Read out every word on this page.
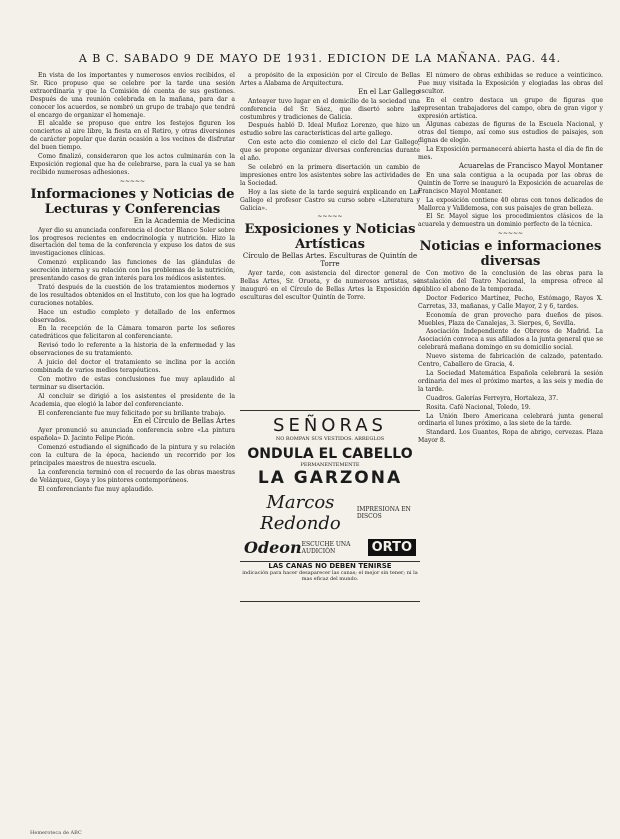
A B C. SABADO 9 DE MAYO DE 1931. EDICION DE LA MAÑANA. PAG. 44.

En vista de los importantes y numerosos envíos recibidos, el Sr. Rico propuso que se celebre por la tarde una sesión extraordinaria y que la Comisión dé cuenta de sus gestiones. Después de una reunión celebrada en la mañana, para dar a conocer los acuerdos, se nombró un grupo de trabajo que tendrá el encargo de organizar el homenaje.

El alcalde se propuso que entre los festejos figuren los conciertos al aire libre, la fiesta en el Retiro, y otras diversiones de carácter popular que darán ocasión a los vecinos de disfrutar del buen tiempo.

Como finalizó, consideraron que los actos culminarán con la Exposición regional que ha de celebrarse, para la cual ya se han recibido numerosas adhesiones.

~~~~~

Informaciones y Noticias de Lecturas y Conferencias

En la Academia de Medicina

Ayer dio su anunciada conferencia el doctor Blanco Soler sobre los progresos recientes en endocrinología y nutrición. Hizo la disertación del tema de la conferencia y expuso los datos de sus investigaciones clínicas.

Comenzó explicando las funciones de las glándulas de secreción interna y su relación con los problemas de la nutrición, presentando casos de gran interés para los médicos asistentes.

Trató después de la cuestión de los tratamientos modernos y de los resultados obtenidos en el Instituto, con los que ha logrado curaciones notables.

Hace un estudio completo y detallado de los enfermos observados.

En la recepción de la Cámara tomaron parte los señores catedráticos que felicitaron al conferenciante.

Revisó todo lo referente a la historia de la enfermedad y las observaciones de su tratamiento.

A juicio del doctor el tratamiento se inclina por la acción combinada de varios medios terapéuticos.

Con motivo de estas conclusiones fue muy aplaudido al terminar su disertación.

Al concluir se dirigió a los asistentes el presidente de la Academia, que elogió la labor del conferenciante.

El conferenciante fue muy felicitado por su brillante trabajo.

En el Círculo de Bellas Artes

Ayer pronunció su anunciada conferencia sobre «La pintura española» D. Jacinto Felipe Picón.

Comenzó estudiando el significado de la pintura y su relación con la cultura de la época, haciendo un recorrido por los principales maestros de nuestra escuela.

La conferencia terminó con el recuerdo de las obras maestras de Velázquez, Goya y los pintores contemporáneos.

El conferenciante fue muy aplaudido.

a propósito de la exposición por el Círculo de Bellas Artes a Alabama de Arquitectura.

En el Lar Gallego

Anteayer tuvo lugar en el domicilio de la sociedad una conferencia del Sr. Sáez, que disertó sobre las costumbres y tradiciones de Galicia.

Después habló D. Ideal Muñoz Lorenzo, que hizo un estudio sobre las características del arte gallego.

Con este acto dio comienzo el ciclo del Lar Gallego, que se propone organizar diversas conferencias durante el año.

Se celebró en la primera disertación un cambio de impresiones entre los asistentes sobre las actividades de la Sociedad.

Hoy a las siete de la tarde seguirá explicando en Lar Gallego el profesor Castro su curso sobre «Literatura y Galicia».

~~~~~

Exposiciones y Noticias Artísticas

Círculo de Bellas Artes. Esculturas de Quintín de Torre

Ayer tarde, con asistencia del director general de Bellas Artes, Sr. Orueta, y de numerosos artistas, se inauguró en el Círculo de Bellas Artes la Exposición de esculturas del escultor Quintín de Torre.

SEÑORAS
NO ROMPAN SUS VESTIDOS. ARREGLOS
ONDULA EL CABELLO
PERMANENTEMENTE
LA GARZONA
Marcos Redondo
IMPRESIONA EN DISCOS
Odeon ESCUCHE UNA AUDICIÓN	ORTO
LAS CANAS NO DEBEN TEÑIRSE
indicación para hacer desaparecer las canas; el mejor sin tener; ni la mas eficaz del mundo.

El número de obras exhibidas se reduce a veinticinco. Fue muy visitada la Exposición y elogiadas las obras del escultor.

En el centro destaca un grupo de figuras que representan trabajadores del campo, obra de gran vigor y expresión artística.

Algunas cabezas de figuras de la Escuela Nacional, y otras del tiempo, así como sus estudios de paisajes, son dignas de elogio.

La Exposición permanecerá abierta hasta el día de fin de mes.

Acuarelas de Francisco Mayol Montaner

En una sala contigua a la ocupada por las obras de Quintín de Torre se inauguró la Exposición de acuarelas de Francisco Mayol Montaner.

La exposición contiene 40 obras con tonos delicados de Mallorca y Valldemosa, con sus paisajes de gran belleza.

El Sr. Mayol sigue los procedimientos clásicos de la acuarela y demuestra un dominio perfecto de la técnica.

~~~~~

Noticias e informaciones diversas

Con motivo de la conclusión de las obras para la instalación del Teatro Nacional, la empresa ofrece al público el abono de la temporada.

Doctor Federico Martínez, Pecho, Estómago, Rayos X. Carretas, 33, mañanas, y Calle Mayor, 2 y 6, tardes.

Economía de gran provecho para dueños de pisos. Muebles, Plaza de Canalejas, 3. Sierpes, 6, Sevilla.

Asociación Independiente de Obreros de Madrid. La Asociación convoca a sus afiliados a la junta general que se celebrará mañana domingo en su domicilio social.

Nuevo sistema de fabricación de calzado, patentado. Centro, Caballero de Gracia, 4.

La Sociedad Matemática Española celebrará la sesión ordinaria del mes el próximo martes, a las seis y media de la tarde.

Cuadros. Galerías Ferreyra, Hortaleza, 37.

Rosita. Café Nacional, Toledo, 19.

La Unión Ibero Americana celebrará junta general ordinaria el lunes próximo, a las siete de la tarde.

Standard. Los Guantes, Ropa de abrigo, cervezas. Plaza Mayor 8.

Hemeroteca de ABC
